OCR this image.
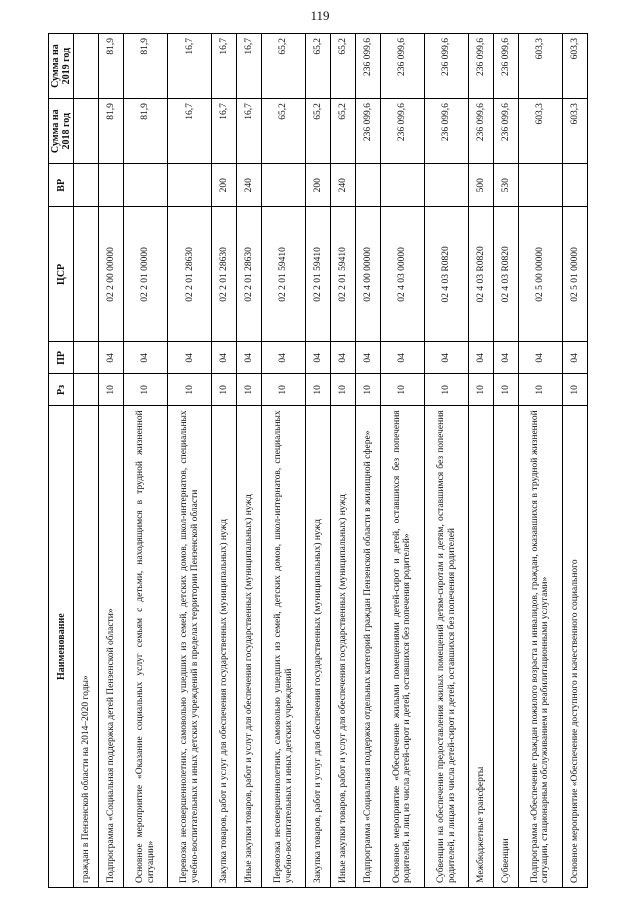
119
Наименование	Рз	ПР	ЦСР	ВР	Сумма на 2018 год	Сумма на 2019 год
граждан в Пензенской области на 2014–2020 годы»						
Подпрограмма «Социальная поддержка детей Пензенской области»	10	04	02 2 00 00000		81,9	81,9
Основное мероприятие «Оказание социальных услуг семьям с детьми, находящимся в трудной жизненной ситуации»	10	04	02 2 01 00000		81,9	81,9
Перевозка несовершеннолетних, самовольно ушедших из семей, детских домов, школ-интернатов, специальных учебно-воспитательных и иных детских учреждений в пределах территории Пензенской области	10	04	02 2 01 28630		16,7	16,7
Закупка товаров, работ и услуг для обеспечения государственных (муниципальных) нужд	10	04	02 2 01 28630	200	16,7	16,7
Иные закупки товаров, работ и услуг для обеспечения государственных (муниципальных) нужд	10	04	02 2 01 28630	240	16,7	16,7
Перевозка несовершеннолетних, самовольно ушедших из семей, детских домов, школ-интернатов, специальных учебно-воспитательных и иных детских учреждений	10	04	02 2 01 59410		65,2	65,2
Закупка товаров, работ и услуг для обеспечения государственных (муниципальных) нужд	10	04	02 2 01 59410	200	65,2	65,2
Иные закупки товаров, работ и услуг для обеспечения государственных (муниципальных) нужд	10	04	02 2 01 59410	240	65,2	65,2
Подпрограмма «Социальная поддержка отдельных категорий граждан Пензенской области в жилищной сфере»	10	04	02 4 00 00000		236 099,6	236 099,6
Основное мероприятие «Обеспечение жилыми помещениями детей-сирот и детей, оставшихся без попечения родителей, и лиц из числа детей-сирот и детей, оставшихся без попечения родителей»	10	04	02 4 03 00000		236 099,6	236 099,6
Субвенции на обеспечение предоставления жилых помещений детям-сиротам и детям, оставшимся без попечения родителей, и лицам из числа детей-сирот и детей, оставшихся без попечения родителей	10	04	02 4 03 R0820		236 099,6	236 099,6
Межбюджетные трансферты	10	04	02 4 03 R0820	500	236 099,6	236 099,6
Субвенции	10	04	02 4 03 R0820	530	236 099,6	236 099,6
Подпрограмма «Обеспечение граждан пожилого возраста и инвалидов, граждан, оказавшихся в трудной жизненной ситуации, стационарным обслуживанием и реабилитационными услугами»	10	04	02 5 00 00000		603,3	603,3
Основное мероприятие «Обеспечение доступного и качественного социального	10	04	02 5 01 00000		603,3	603,3
